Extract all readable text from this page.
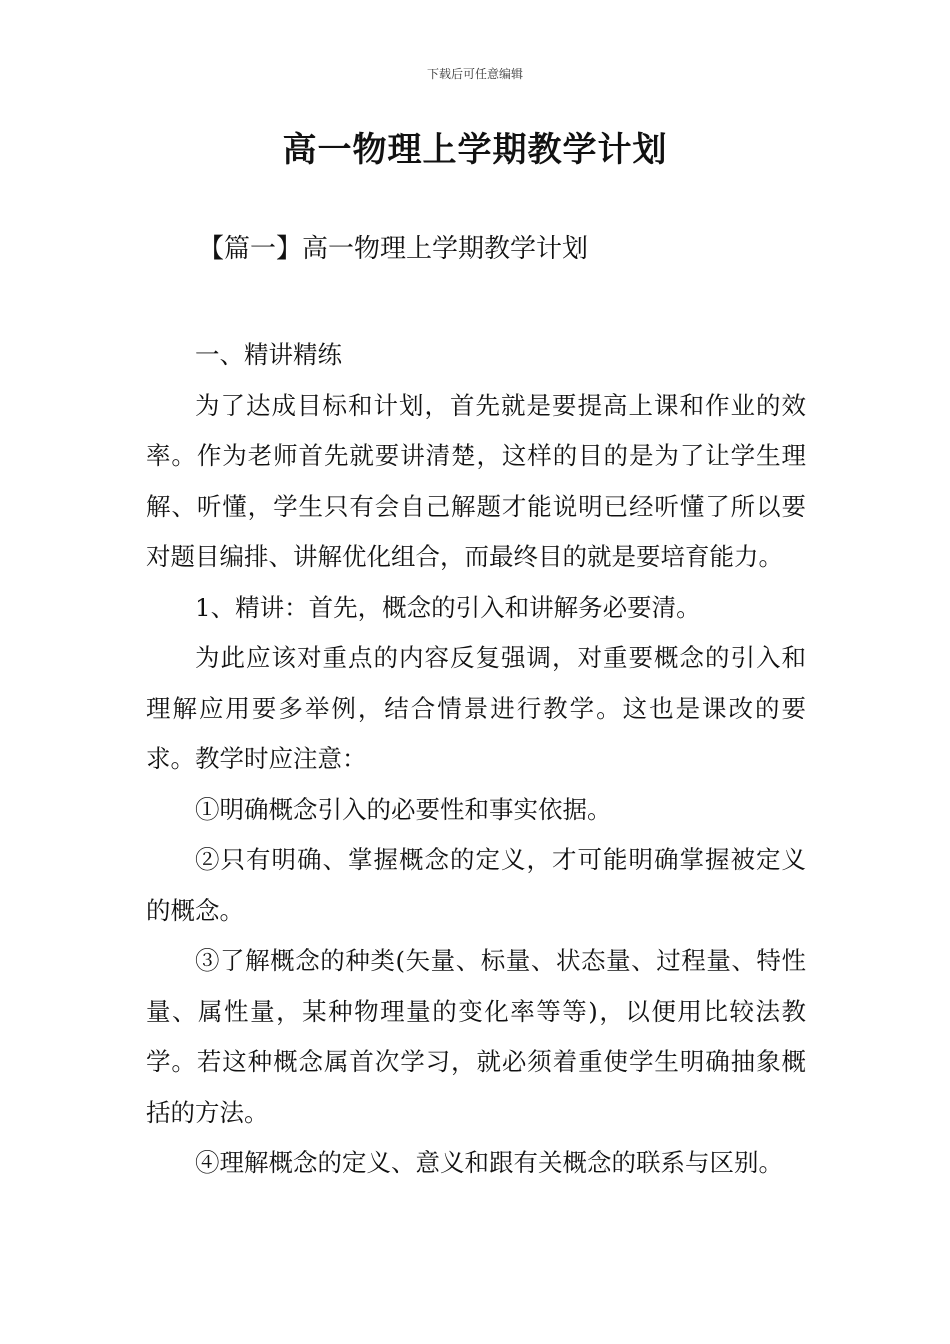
下载后可任意编辑
高一物理上学期教学计划
【篇一】高一物理上学期教学计划

一、精讲精练

为了达成目标和计划，首先就是要提高上课和作业的效率。作为老师首先就要讲清楚，这样的目的是为了让学生理解、听懂，学生只有会自己解题才能说明已经听懂了所以要对题目编排、讲解优化组合，而最终目的就是要培育能力。

1、精讲：首先，概念的引入和讲解务必要清。

为此应该对重点的内容反复强调，对重要概念的引入和理解应用要多举例，结合情景进行教学。这也是课改的要求。教学时应注意：

①明确概念引入的必要性和事实依据。

②只有明确、掌握概念的定义，才可能明确掌握被定义的概念。

③了解概念的种类(矢量、标量、状态量、过程量、特性量、属性量，某种物理量的变化率等等)，以便用比较法教学。若这种概念属首次学习，就必须着重使学生明确抽象概括的方法。

④理解概念的定义、意义和跟有关概念的联系与区别。
